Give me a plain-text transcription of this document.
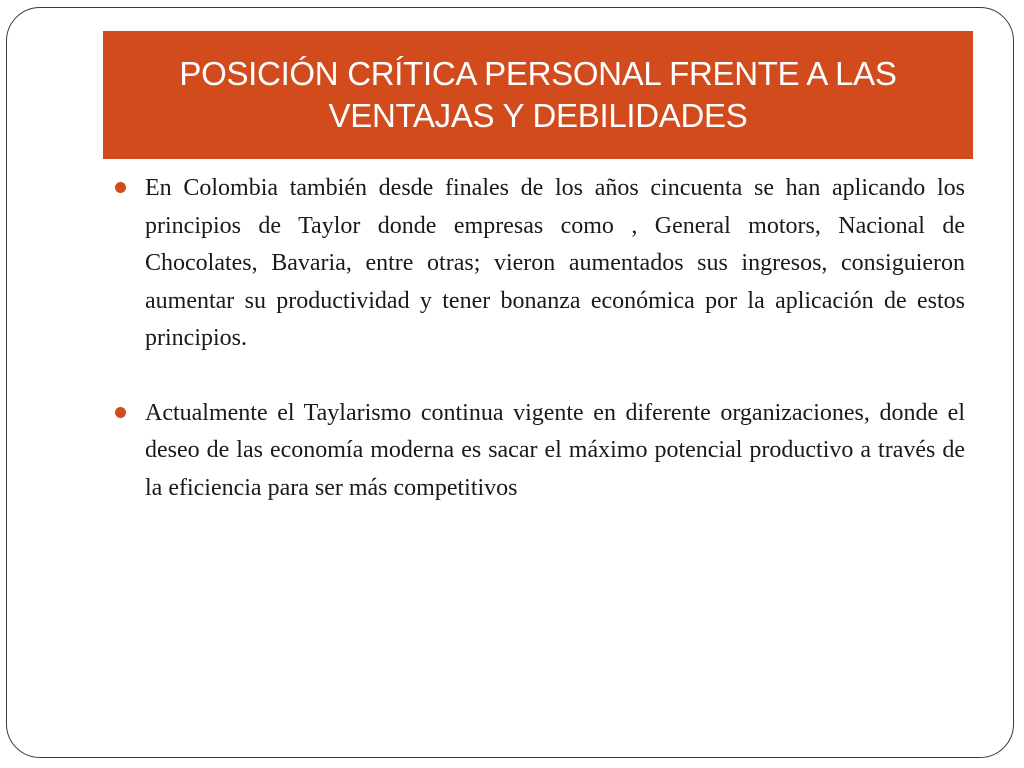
POSICIÓN CRÍTICA PERSONAL FRENTE A LAS VENTAJAS Y DEBILIDADES
En Colombia también desde finales de los años cincuenta se han aplicando los principios de Taylor donde empresas como , General motors, Nacional de Chocolates, Bavaria, entre otras; vieron aumentados sus ingresos, consiguieron aumentar su productividad y tener bonanza económica por la aplicación de estos principios.
Actualmente el Taylarismo continua vigente en diferente organizaciones, donde el deseo de las economía moderna es sacar el máximo potencial productivo a través de la eficiencia para ser más competitivos
